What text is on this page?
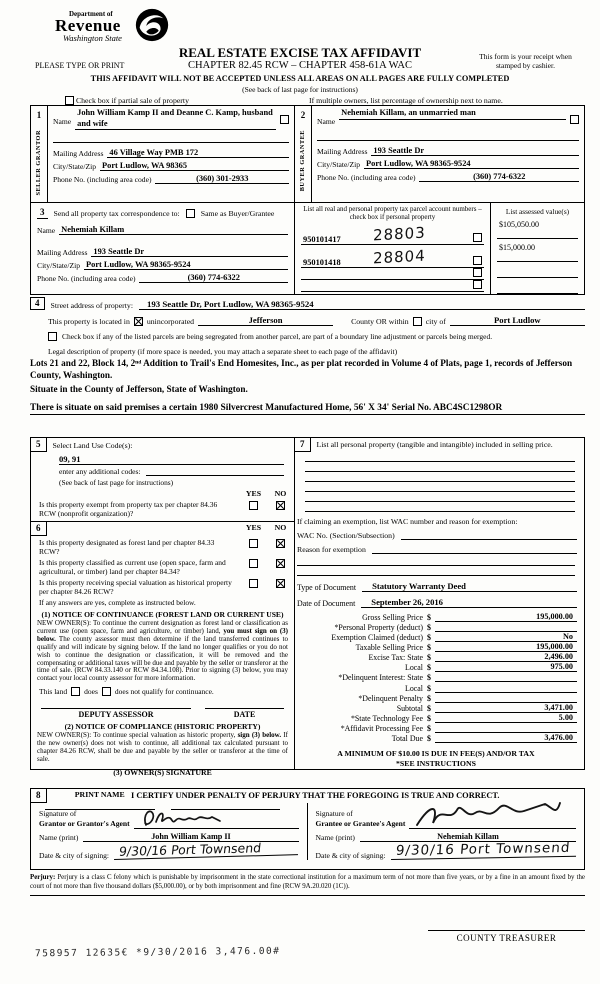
Department of
Revenue
Washington State
REAL ESTATE EXCISE TAX AFFIDAVIT
CHAPTER 82.45 RCW – CHAPTER 458-61A WAC
PLEASE TYPE OR PRINT
This form is your receipt when stamped by cashier.
THIS AFFIDAVIT WILL NOT BE ACCEPTED UNLESS ALL AREAS ON ALL PAGES ARE FULLY COMPLETED
(See back of last page for instructions)

Check box if partial sale of property	If multiple owners, list percentage of ownership next to name.
1
SELLER GRANTOR
Name
John William Kamp II and Deanne C. Kamp, husband and wife
Mailing Address 46 Village Way PMB 172
City/State/Zip Port Ludlow, WA 98365
Phone No. (including area code)	(360) 301-2933
2
BUYER GRANTEE
Name
Nehemiah Killam, an unmarried man
Mailing Address 193 Seattle Dr
City/State/Zip Port Ludlow, WA 98365-9524
Phone No. (including area code)	(360) 774-6322
3	Send all property tax correspondence to:	Same as Buyer/Grantee
Name Nehemiah Killam
Mailing Address 193 Seattle Dr
City/State/Zip Port Ludlow, WA 98365-9524
Phone No. (including area code)	(360) 774-6322
List all real and personal property tax parcel account numbers – check box if personal property
950101417 28803
950101418 28804
List assessed value(s)
$105,050.00
$15,000.00
4	Street address of property:	193 Seattle Dr, Port Ludlow, WA 98365-9524
This property is located in unincorporated	Jefferson	County OR within city of	Port Ludlow
Check box if any of the listed parcels are being segregated from another parcel, are part of a boundary line adjustment or parcels being merged.
Legal description of property (if more space is needed, you may attach a separate sheet to each page of the affidavit)
Lots 21 and 22, Block 14, 2ⁿᵈ Addition to Trail's End Homesites, Inc., as per plat recorded in Volume 4 of Plats, page 1, records of Jefferson County, Washington.
Situate in the County of Jefferson, State of Washington.
There is situate on said premises a certain 1980 Silvercrest Manufactured Home, 56' X 34' Serial No. ABC4SC1298OR
5	Select Land Use Code(s):
09, 91
enter any additional codes:
(See back of last page for instructions)
YES	NO
Is this property exempt from property tax per chapter 84.36 RCW (nonprofit organization)?
6	YES	NO
Is this property designated as forest land per chapter 84.33 RCW?
Is this property classified as current use (open space, farm and agricultural, or timber) land per chapter 84.34?
Is this property receiving special valuation as historical property per chapter 84.26 RCW?
If any answers are yes, complete as instructed below.
(1) NOTICE OF CONTINUANCE (FOREST LAND OR CURRENT USE)
NEW OWNER(S): To continue the current designation as forest land or classification as current use (open space, farm and agriculture, or timber) land, you must sign on (3) below. The county assessor must then determine if the land transferred continues to qualify and will indicate by signing below. If the land no longer qualifies or you do not wish to continue the designation or classification, it will be removed and the compensating or additional taxes will be due and payable by the seller or transferor at the time of sale. (RCW 84.33.140 or RCW 84.34.108). Prior to signing (3) below, you may contact your local county assessor for more information.
This land does does not qualify for continuance.
DEPUTY ASSESSOR	DATE
(2) NOTICE OF COMPLIANCE (HISTORIC PROPERTY)
NEW OWNER(S): To continue special valuation as historic property, sign (3) below. If the new owner(s) does not wish to continue, all additional tax calculated pursuant to chapter 84.26 RCW, shall be due and payable by the seller or transferor at the time of sale.
(3) OWNER(S) SIGNATURE
PRINT NAME
7	List all personal property (tangible and intangible) included in selling price.
If claiming an exemption, list WAC number and reason for exemption:
WAC No. (Section/Subsection)
Reason for exemption
Type of Document	Statutory Warranty Deed
Date of Document	September 26, 2016
Gross Selling Price $	195,000.00
*Personal Property (deduct) $
Exemption Claimed (deduct) $	No
Taxable Selling Price $	195,000.00
Excise Tax: State $	2,496.00
Local $	975.00
*Delinquent Interest: State $
Local $
*Delinquent Penalty $
Subtotal $	3,471.00
*State Technology Fee $	5.00
*Affidavit Processing Fee $
Total Due $	3,476.00
A MINIMUM OF $10.00 IS DUE IN FEE(S) AND/OR TAX
*SEE INSTRUCTIONS
8	I CERTIFY UNDER PENALTY OF PERJURY THAT THE FOREGOING IS TRUE AND CORRECT.
Signature of
Grantor or Grantor's Agent
Name (print)	John William Kamp II
Date & city of signing: 9/30/16 Port Townsend
Signature of
Grantee or Grantee's Agent
Name (print)	Nehemiah Killam
Date & city of signing: 9/30/16 Port Townsend
Perjury: Perjury is a class C felony which is punishable by imprisonment in the state correctional institution for a maximum term of not more than five years, or by a fine in an amount fixed by the court of not more than five thousand dollars ($5,000.00), or by both imprisonment and fine (RCW 9A.20.020 (1C)).
COUNTY TREASURER
758957 12635€ *9/30/2016 3,476.00#
